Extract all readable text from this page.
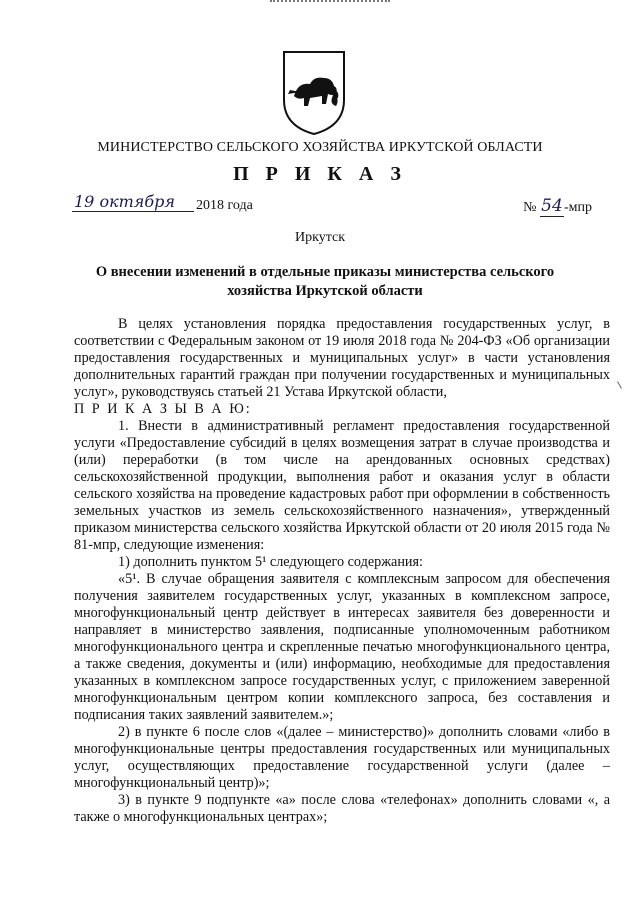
МИНИСТЕРСТВО СЕЛЬСКОГО ХОЗЯЙСТВА ИРКУТСКОЙ ОБЛАСТИ
П Р И К А З
19 октября	2018 года	№ 54-мпр
Иркутск
О внесении изменений в отдельные приказы министерства сельского хозяйства Иркутской области

В целях установления порядка предоставления государственных услуг, в соответствии с Федеральным законом от 19 июля 2018 года № 204-ФЗ «Об организации предоставления государственных и муниципальных услуг» в части установления дополнительных гарантий граждан при получении государственных и муниципальных услуг», руководствуясь статьей 21 Устава Иркутской области,

П Р И К А З Ы В А Ю:

1. Внести в административный регламент предоставления государственной услуги «Предоставление субсидий в целях возмещения затрат в случае производства и (или) переработки (в том числе на арендованных основных средствах) сельскохозяйственной продукции, выполнения работ и оказания услуг в области сельского хозяйства на проведение кадастровых работ при оформлении в собственность земельных участков из земель сельскохозяйственного назначения», утвержденный приказом министерства сельского хозяйства Иркутской области от 20 июля 2015 года № 81-мпр, следующие изменения:

1) дополнить пунктом 5¹ следующего содержания:

«5¹. В случае обращения заявителя с комплексным запросом для обеспечения получения заявителем государственных услуг, указанных в комплексном запросе, многофункциональный центр действует в интересах заявителя без доверенности и направляет в министерство заявления, подписанные уполномоченным работником многофункционального центра и скрепленные печатью многофункционального центра, а также сведения, документы и (или) информацию, необходимые для предоставления указанных в комплексном запросе государственных услуг, с приложением заверенной многофункциональным центром копии комплексного запроса, без составления и подписания таких заявлений заявителем.»;

2) в пункте 6 после слов «(далее – министерство)» дополнить словами «либо в многофункциональные центры предоставления государственных или муниципальных услуг, осуществляющих предоставление государственной услуги (далее – многофункциональный центр)»;

3) в пункте 9 подпункте «а» после слова «телефонах» дополнить словами «, а также о многофункциональных центрах»;
